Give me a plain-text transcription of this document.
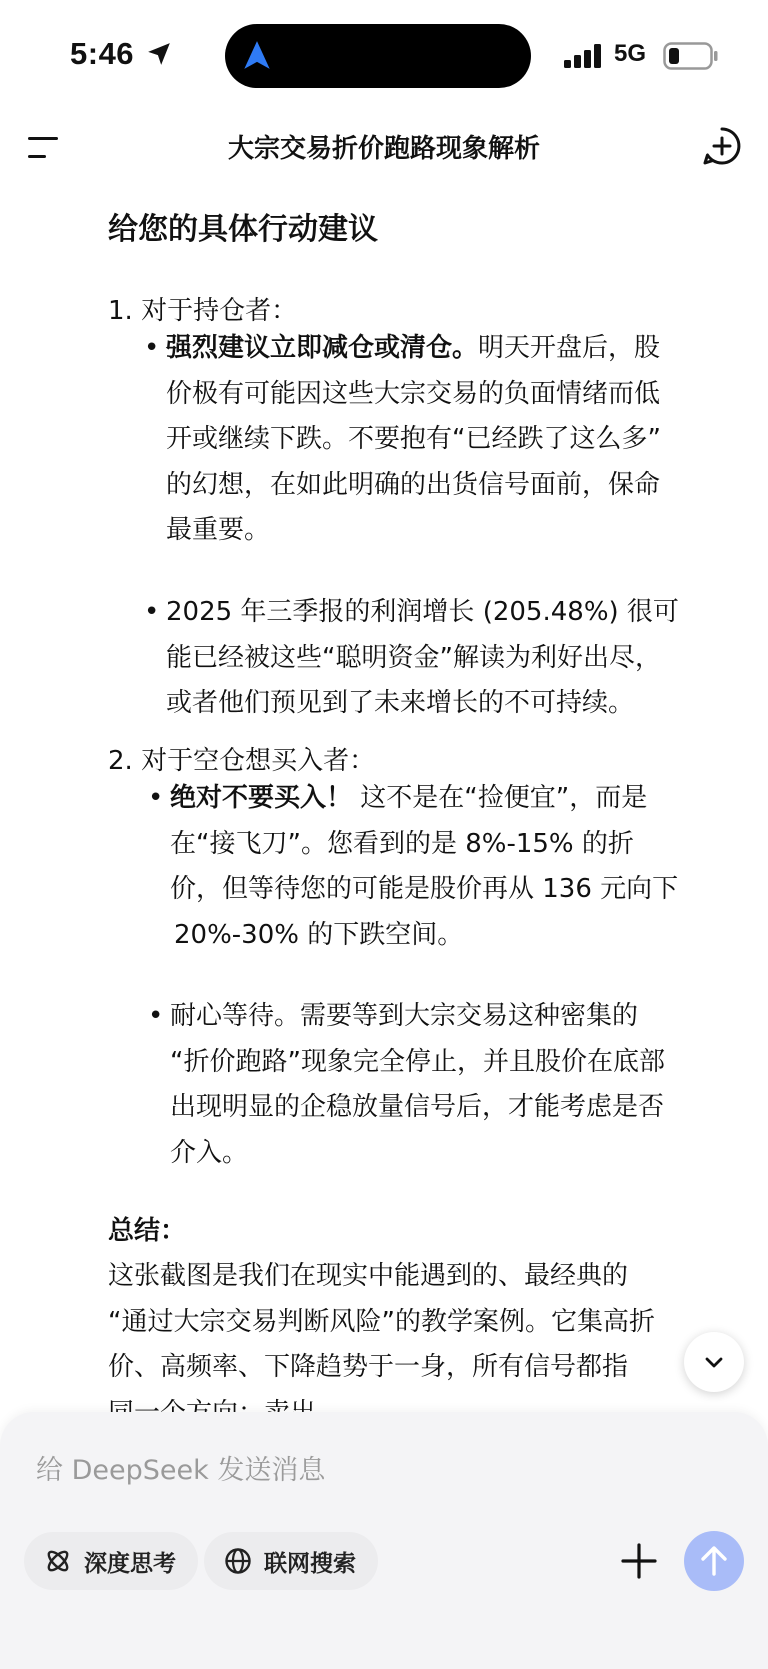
5:46	5G
大宗交易折价跑路现象解析
给您的具体行动建议
1. 对于持仓者：
• 强烈建议立即减仓或清仓。明天开盘后，股
价极有可能因这些大宗交易的负面情绪而低
开或继续下跌。不要抱有“已经跌了这么多”
的幻想，在如此明确的出货信号面前，保命
最重要。
• 2025 年三季报的利润增长 (205.48%) 很可
能已经被这些“聪明资金”解读为利好出尽，
或者他们预见到了未来增长的不可持续。
2. 对于空仓想买入者：
• 绝对不要买入！ 这不是在“捡便宜”，而是
在“接飞刀”。您看到的是 8%-15% 的折
价，但等待您的可能是股价再从 136 元向下
20%-30% 的下跌空间。
• 耐心等待。需要等到大宗交易这种密集的
“折价跑路”现象完全停止，并且股价在底部
出现明显的企稳放量信号后，才能考虑是否
介入。
总结：
这张截图是我们在现实中能遇到的、最经典的
“通过大宗交易判断风险”的教学案例。它集高折
价、高频率、下降趋势于一身，所有信号都指

给 DeepSeek 发送消息
深度思考	联网搜索
